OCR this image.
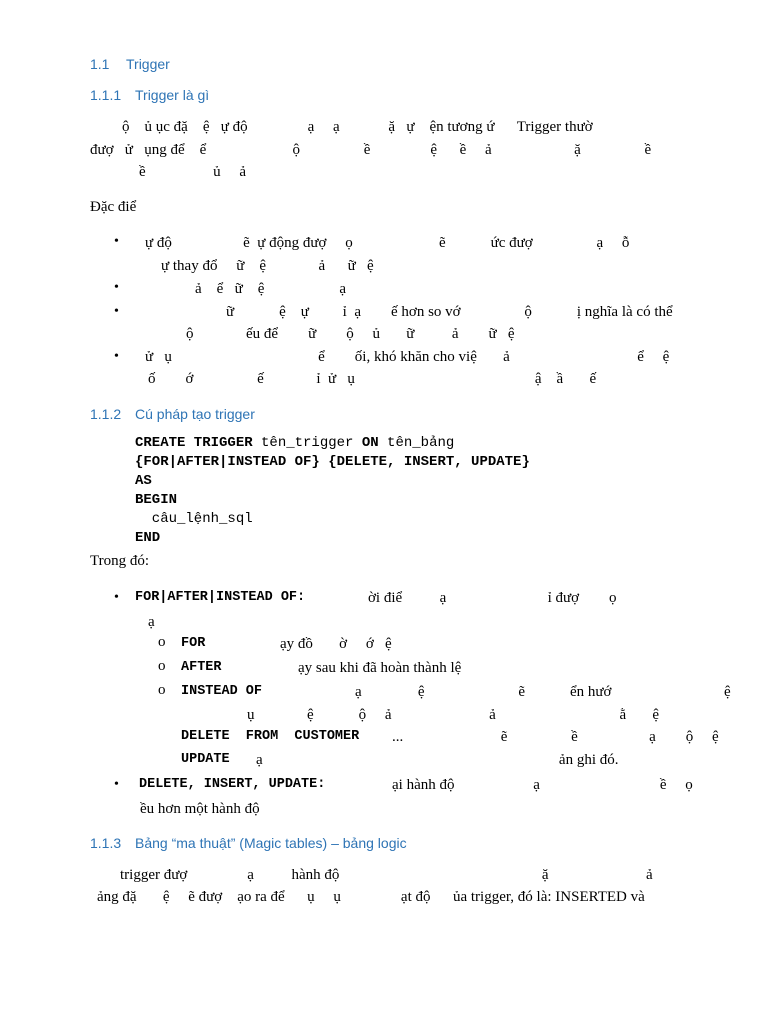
1.1 Trigger
1.1.1 Trigger là gì
ộ    ủ ục đặ    ệ   ự độ                ạ     ạ             ặ   ự    ện tương ứ      Trigger thườ
đượ   ử   ụng để    ể                       ộ                 ề                ệ      ề     ả                      ặ                 ề
ề                  ủ     ả
Đặc điể
• ự độ                   ẽ  ự động đượ     ọ                       ẽ            ức đượ                 ạ     ỗ
ự thay đổ     ữ    ệ              ả      ữ   ệ
•	ả    ể   ữ    ệ                    ạ
•	ữ            ệ    ự         ỉ  ạ        ế hơn so vớ                 ộ            ị nghĩa là có thể
ộ              ếu để        ữ        ộ     ủ       ữ          ả        ữ   ệ
• ử   ụ                                       ể        ối, khó khăn cho việ       ả                                  ể     ệ
ố        ớ                 ế              ỉ  ử   ụ                                                ậ    ầ       ế
1.1.2 Cú pháp tạo trigger
CREATE TRIGGER tên_trigger ON tên_bảng
{FOR|AFTER|INSTEAD OF} {DELETE, INSERT, UPDATE}
AS
BEGIN
câu_lệnh_sql
END
Trong đó:
• FOR|AFTER|INSTEAD OF:	ời điể          ạ                           ỉ đượ        ọ
ạ
o FOR	ạy đồ       ờ     ớ   ệ
o AFTER	ạy sau khi đã hoàn thành lệ
o INSTEAD OF	ạ               ệ                         ẽ            ển hướ                              ệ
ụ              ệ            ộ     ả                          ả                                 ằ       ệ
DELETE  FROM  CUSTOMER ...                          ẽ                 ề                   ạ        ộ     ệ
UPDATE ạ                                                                               ản ghi đó.
• DELETE, INSERT, UPDATE:	ại hành độ                     ạ                                ề     ọ
ều hơn một hành độ
1.1.3 Bảng “ma thuật” (Magic tables) – bảng logic
trigger đượ                ạ          hành độ                                                      ặ                          ả
ảng đặ       ệ     ẽ đượ    ạo ra để      ụ     ụ                ạt độ      ủa trigger, đó là: INSERTED và
